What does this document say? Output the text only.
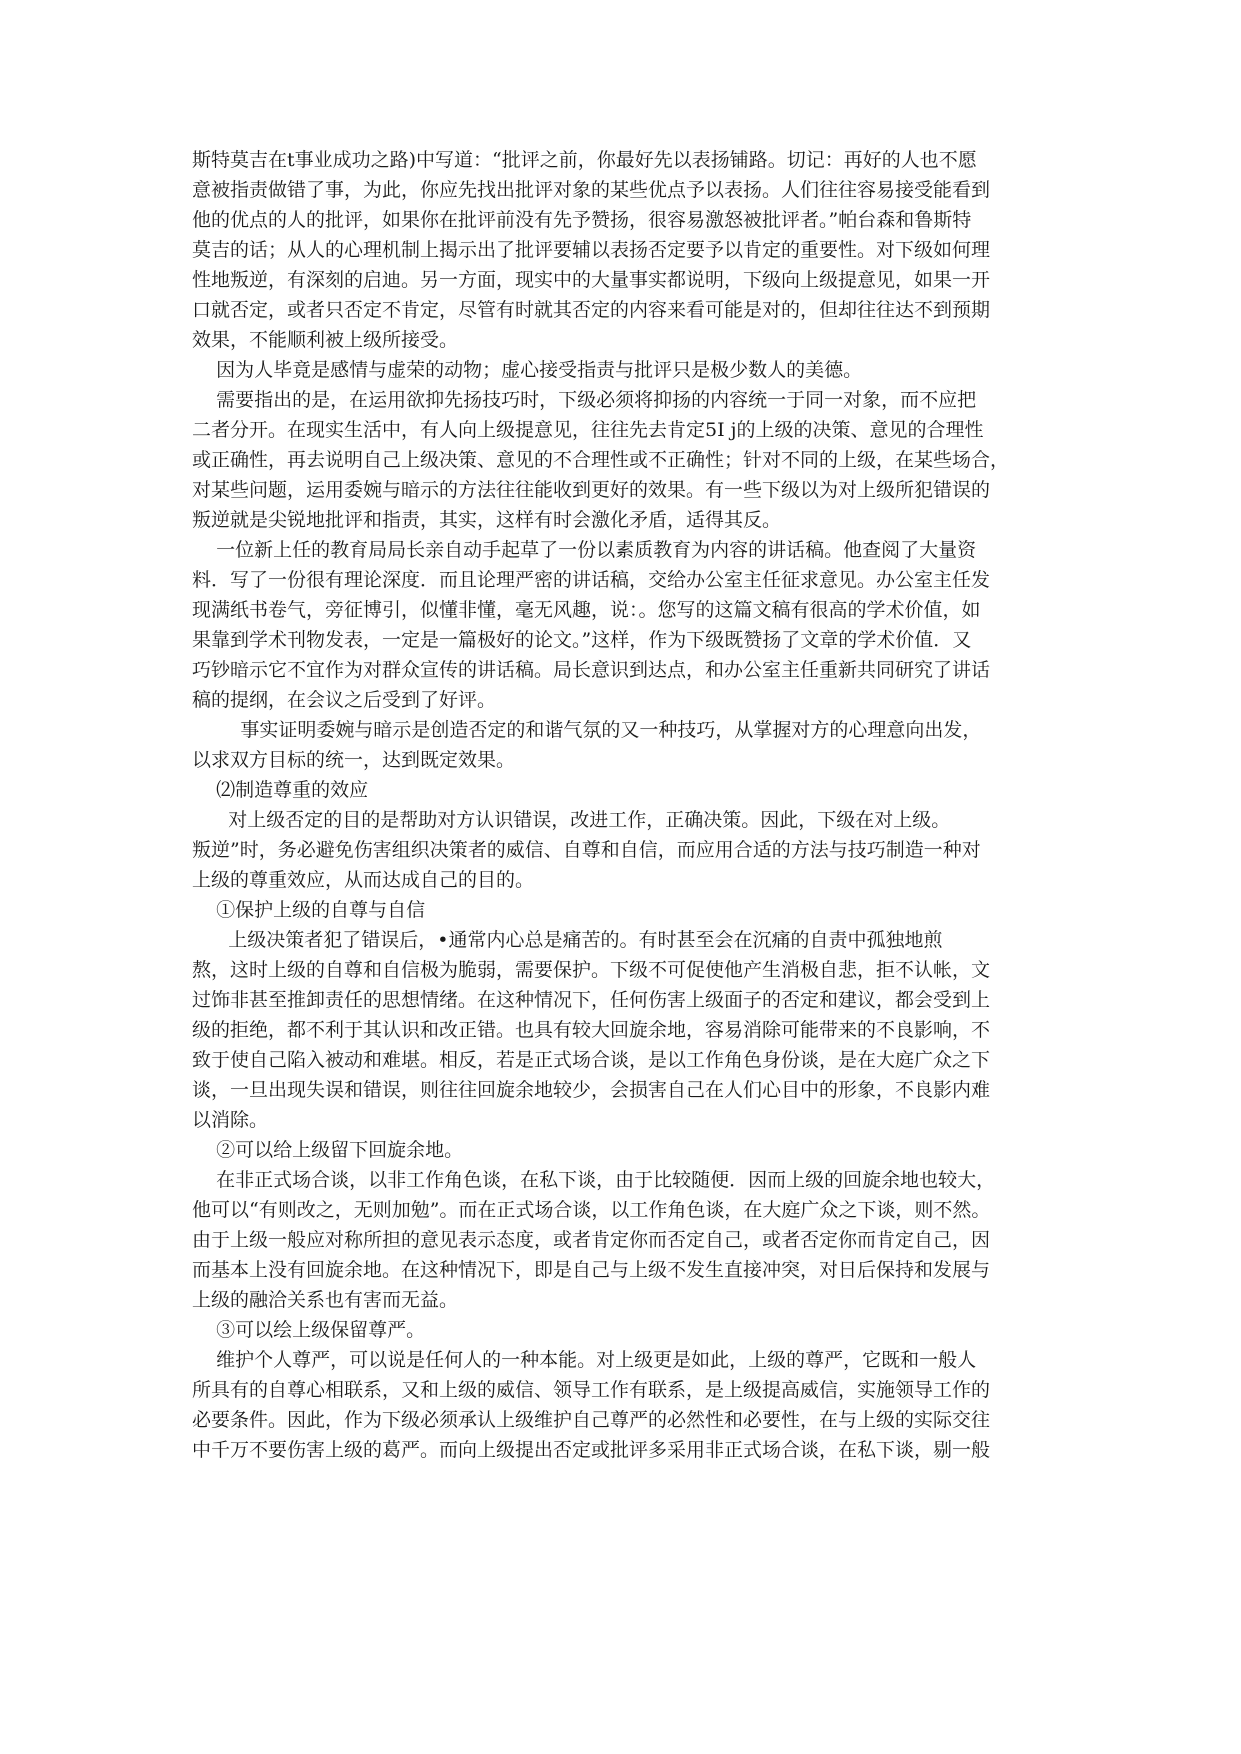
斯特莫吉在t事业成功之路)中写道：“批评之前，你最好先以表扬铺路。切记：再好的人也不愿
意被指责做错了事，为此，你应先找出批评对象的某些优点予以表扬。人们往往容易接受能看到
他的优点的人的批评，如果你在批评前没有先予赞扬，很容易激怒被批评者。”帕台森和鲁斯特
莫吉的话；从人的心理机制上揭示出了批评要辅以表扬否定要予以肯定的重要性。对下级如何理
性地叛逆，有深刻的启迪。另一方面，现实中的大量事实都说明，下级向上级提意见，如果一开
口就否定，或者只否定不肯定，尽管有时就其否定的内容来看可能是对的，但却往往达不到预期
效果，不能顺利被上级所接受。
因为人毕竟是感情与虚荣的动物；虚心接受指责与批评只是极少数人的美德。
需要指出的是，在运用欲抑先扬技巧时，下级必须将抑扬的内容统一于同一对象，而不应把
二者分开。在现实生活中，有人向上级提意见，往往先去肯定5I j的上级的决策、意见的合理性
或正确性，再去说明自己上级决策、意见的不合理性或不正确性；针对不同的上级，在某些场合，
对某些问题，运用委婉与暗示的方法往往能收到更好的效果。有一些下级以为对上级所犯错误的
叛逆就是尖锐地批评和指责，其实，这样有时会激化矛盾，适得其反。
一位新上任的教育局局长亲自动手起草了一份以素质教育为内容的讲话稿。他查阅了大量资
料．写了一份很有理论深度．而且论理严密的讲话稿，交给办公室主任征求意见。办公室主任发
现满纸书卷气，旁征博引，似懂非懂，毫无风趣，说：。您写的这篇文稿有很高的学术价值，如
果靠到学术刊物发表，一定是一篇极好的论文。”这样，作为下级既赞扬了文章的学术价值．又
巧钞暗示它不宜作为对群众宣传的讲话稿。局长意识到达点，和办公室主任重新共同研究了讲话
稿的提纲，在会议之后受到了好评。
事实证明委婉与暗示是创造否定的和谐气氛的又一种技巧，从掌握对方的心理意向出发，
以求双方目标的统一，达到既定效果。
⑵制造尊重的效应
对上级否定的目的是帮助对方认识错误，改进工作，正确决策。因此，下级在对上级。
叛逆”时，务必避免伤害组织决策者的威信、自尊和自信，而应用合适的方法与技巧制造一种对
上级的尊重效应，从而达成自己的目的。
①保护上级的自尊与自信
上级决策者犯了错误后，•通常内心总是痛苦的。有时甚至会在沉痛的自责中孤独地煎
熬，这时上级的自尊和自信极为脆弱，需要保护。下级不可促使他产生消极自悲，拒不认帐，文
过饰非甚至推卸责任的思想情绪。在这种情况下，任何伤害上级面子的否定和建议，都会受到上
级的拒绝，都不利于其认识和改正错。也具有较大回旋余地，容易消除可能带来的不良影响，不
致于使自己陷入被动和难堪。相反，若是正式场合谈，是以工作角色身份谈，是在大庭广众之下
谈，一旦出现失误和错误，则往往回旋余地较少，会损害自己在人们心目中的形象，不良影内难
以消除。
②可以给上级留下回旋余地。
在非正式场合谈，以非工作角色谈，在私下谈，由于比较随便．因而上级的回旋余地也较大，
他可以“有则改之，无则加勉”。而在正式场合谈，以工作角色谈，在大庭广众之下谈，则不然。
由于上级一般应对称所担的意见表示态度，或者肯定你而否定自己，或者否定你而肯定自己，因
而基本上没有回旋余地。在这种情况下，即是自己与上级不发生直接冲突，对日后保持和发展与
上级的融洽关系也有害而无益。
③可以绘上级保留尊严。
维护个人尊严，可以说是任何人的一种本能。对上级更是如此，上级的尊严，它既和一般人
所具有的自尊心相联系，又和上级的威信、领导工作有联系，是上级提高威信，实施领导工作的
必要条件。因此，作为下级必须承认上级维护自己尊严的必然性和必要性，在与上级的实际交往
中千万不要伤害上级的葛严。而向上级提出否定或批评多采用非正式场合谈，在私下谈，剔一般
